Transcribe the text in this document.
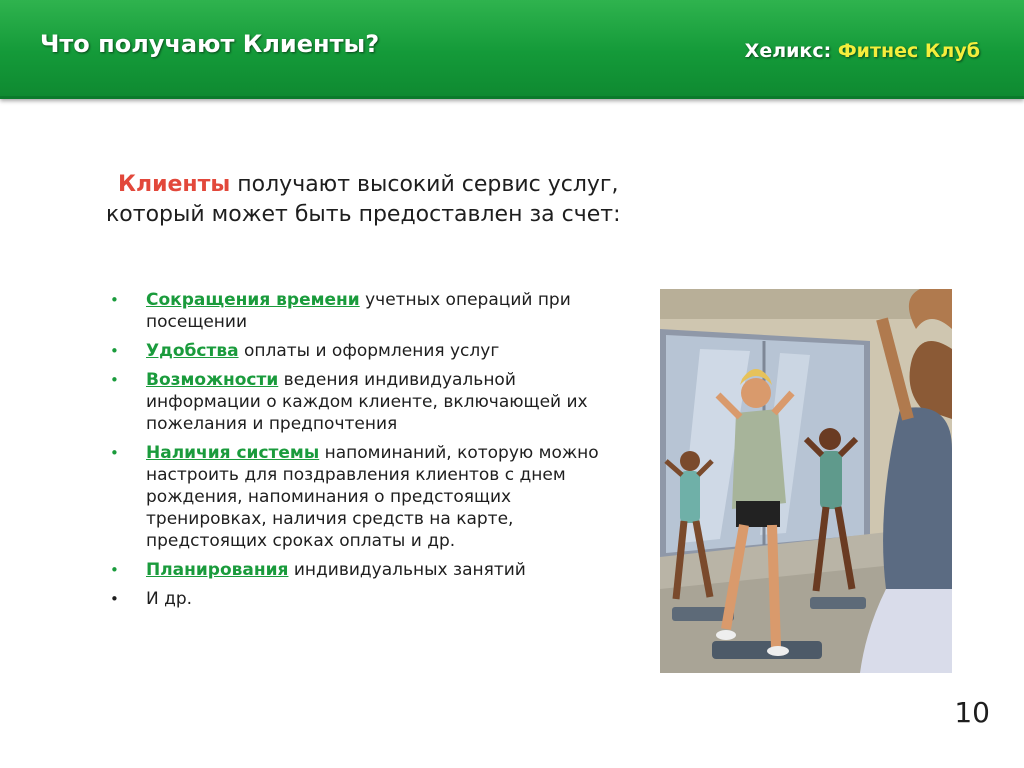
Что получают Клиенты?	Хеликс: Фитнес Клуб
Клиенты получают высокий сервис услуг,
который может быть предоставлен за счет:
• Сокращения времени учетных операций при посещении
• Удобства оплаты и оформления услуг
• Возможности ведения индивидуальной информации о каждом клиенте, включающей их пожелания и предпочтения
• Наличия системы напоминаний, которую можно настроить для поздравления клиентов с днем рождения, напоминания о предстоящих тренировках, наличия средств на карте, предстоящих сроках оплаты и др.
• Планирования индивидуальных занятий
• И др.
10
